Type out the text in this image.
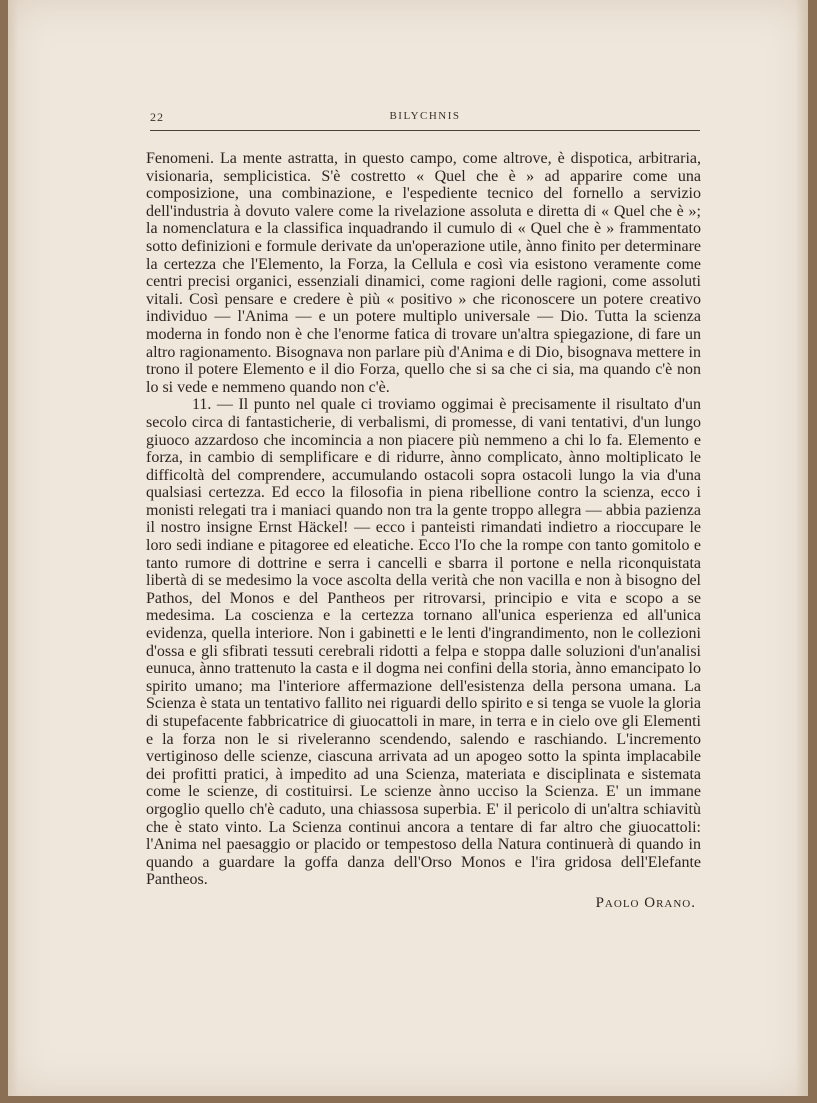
22	BILYCHNIS

Fenomeni. La mente astratta, in questo campo, come altrove, è dispotica, arbitraria, visionaria, semplicistica. S'è costretto « Quel che è » ad apparire come una composizione, una combinazione, e l'espediente tecnico del fornello a servizio dell'industria à dovuto valere come la rivelazione assoluta e diretta di « Quel che è »; la nomenclatura e la classifica inquadrando il cumulo di « Quel che è » frammentato sotto definizioni e formule derivate da un'operazione utile, ànno finito per determinare la certezza che l'Elemento, la Forza, la Cellula e così via esistono veramente come centri precisi organici, essenziali dinamici, come ragioni delle ragioni, come assoluti vitali. Così pensare e credere è più « positivo » che riconoscere un potere creativo individuo — l'Anima — e un potere multiplo universale — Dio. Tutta la scienza moderna in fondo non è che l'enorme fatica di trovare un'altra spiegazione, di fare un altro ragionamento. Bisognava non parlare più d'Anima e di Dio, bisognava mettere in trono il potere Elemento e il dio Forza, quello che si sa che ci sia, ma quando c'è non lo si vede e nemmeno quando non c'è.

11. — Il punto nel quale ci troviamo oggimai è precisamente il risultato d'un secolo circa di fantasticherie, di verbalismi, di promesse, di vani tentativi, d'un lungo giuoco azzardoso che incomincia a non piacere più nemmeno a chi lo fa. Elemento e forza, in cambio di semplificare e di ridurre, ànno complicato, ànno moltiplicato le difficoltà del comprendere, accumulando ostacoli sopra ostacoli lungo la via d'una qualsiasi certezza. Ed ecco la filosofia in piena ribellione contro la scienza, ecco i monisti relegati tra i maniaci quando non tra la gente troppo allegra — abbia pazienza il nostro insigne Ernst Häckel! — ecco i panteisti rimandati indietro a rioccupare le loro sedi indiane e pitagoree ed eleatiche. Ecco l'Io che la rompe con tanto gomitolo e tanto rumore di dottrine e serra i cancelli e sbarra il portone e nella riconquistata libertà di se medesimo la voce ascolta della verità che non vacilla e non à bisogno del Pathos, del Monos e del Pantheos per ritrovarsi, principio e vita e scopo a se medesima. La coscienza e la certezza tornano all'unica esperienza ed all'unica evidenza, quella interiore. Non i gabinetti e le lenti d'ingrandimento, non le collezioni d'ossa e gli sfibrati tessuti cerebrali ridotti a felpa e stoppa dalle soluzioni d'un'analisi eunuca, ànno trattenuto la casta e il dogma nei confini della storia, ànno emancipato lo spirito umano; ma l'interiore affermazione dell'esistenza della persona umana. La Scienza è stata un tentativo fallito nei riguardi dello spirito e si tenga se vuole la gloria di stupefacente fabbricatrice di giuocattoli in mare, in terra e in cielo ove gli Elementi e la forza non le si riveleranno scendendo, salendo e raschiando. L'incremento vertiginoso delle scienze, ciascuna arrivata ad un apogeo sotto la spinta implacabile dei profitti pratici, à impedito ad una Scienza, materiata e disciplinata e sistemata come le scienze, di costituirsi. Le scienze ànno ucciso la Scienza. E' un immane orgoglio quello ch'è caduto, una chiassosa superbia. E' il pericolo di un'altra schiavitù che è stato vinto. La Scienza continui ancora a tentare di far altro che giuocattoli: l'Anima nel paesaggio or placido or tempestoso della Natura continuerà di quando in quando a guardare la goffa danza dell'Orso Monos e l'ira gridosa dell'Elefante Pantheos.

Paolo Orano.
